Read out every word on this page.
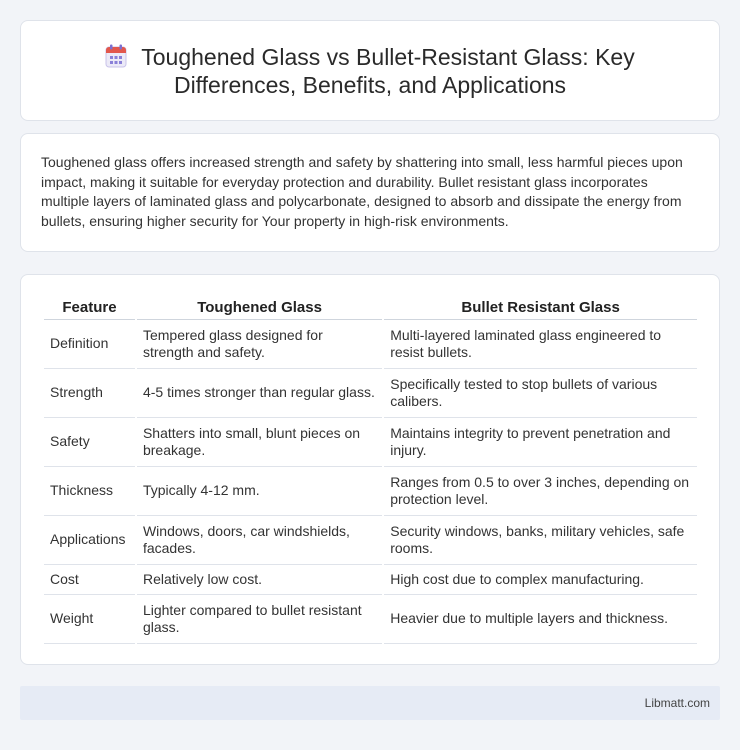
Toughened Glass vs Bullet-Resistant Glass: Key Differences, Benefits, and Applications

Toughened glass offers increased strength and safety by shattering into small, less harmful pieces upon impact, making it suitable for everyday protection and durability. Bullet resistant glass incorporates multiple layers of laminated glass and polycarbonate, designed to absorb and dissipate the energy from bullets, ensuring higher security for Your property in high-risk environments.

Feature	Toughened Glass	Bullet Resistant Glass
Definition	Tempered glass designed for strength and safety.	Multi-layered laminated glass engineered to resist bullets.
Strength	4-5 times stronger than regular glass.	Specifically tested to stop bullets of various calibers.
Safety	Shatters into small, blunt pieces on breakage.	Maintains integrity to prevent penetration and injury.
Thickness	Typically 4-12 mm.	Ranges from 0.5 to over 3 inches, depending on protection level.
Applications	Windows, doors, car windshields, facades.	Security windows, banks, military vehicles, safe rooms.
Cost	Relatively low cost.	High cost due to complex manufacturing.
Weight	Lighter compared to bullet resistant glass.	Heavier due to multiple layers and thickness.
Libmatt.com
